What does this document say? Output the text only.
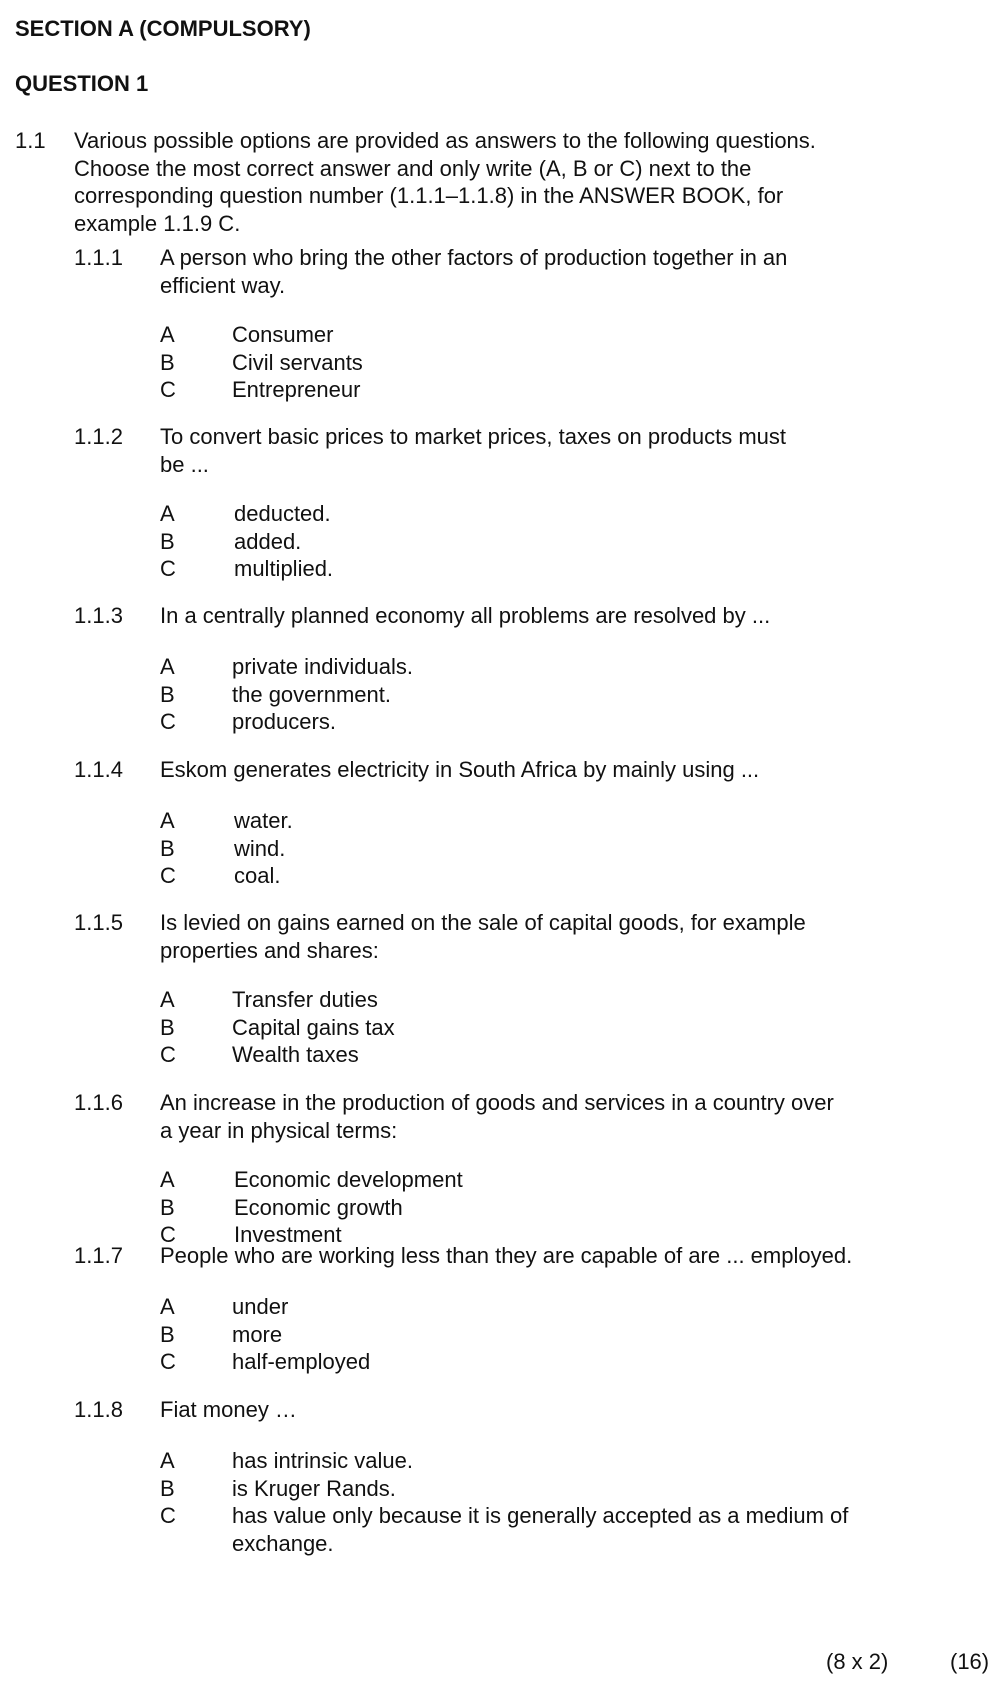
SECTION A (COMPULSORY)
QUESTION 1
1.1 Various possible options are provided as answers to the following questions.
Choose the most correct answer and only write (A, B or C) next to the
corresponding question number (1.1.1–1.1.8) in the ANSWER BOOK, for
example 1.1.9 C.
1.1.1 A person who bring the other factors of production together in an
efficient way.
A	Consumer
B	Civil servants
C	Entrepreneur
1.1.2 To convert basic prices to market prices, taxes on products must
be ...
A	deducted.
B	added.
C	multiplied.
1.1.3 In a centrally planned economy all problems are resolved by ...
A	private individuals.
B	the government.
C	producers.
1.1.4 Eskom generates electricity in South Africa by mainly using ...
A	water.
B	wind.
C	coal.
1.1.5 Is levied on gains earned on the sale of capital goods, for example
properties and shares:
A	Transfer duties
B	Capital gains tax
C	Wealth taxes
1.1.6 An increase in the production of goods and services in a country over
a year in physical terms:
A	Economic development
B	Economic growth
C	Investment
1.1.7 People who are working less than they are capable of are ... employed.
A	under
B	more
C	half-employed
1.1.8 Fiat money …
A	has intrinsic value.
B	is Kruger Rands.
C	has value only because it is generally accepted as a medium of
exchange.
(8 x 2)	(16)
